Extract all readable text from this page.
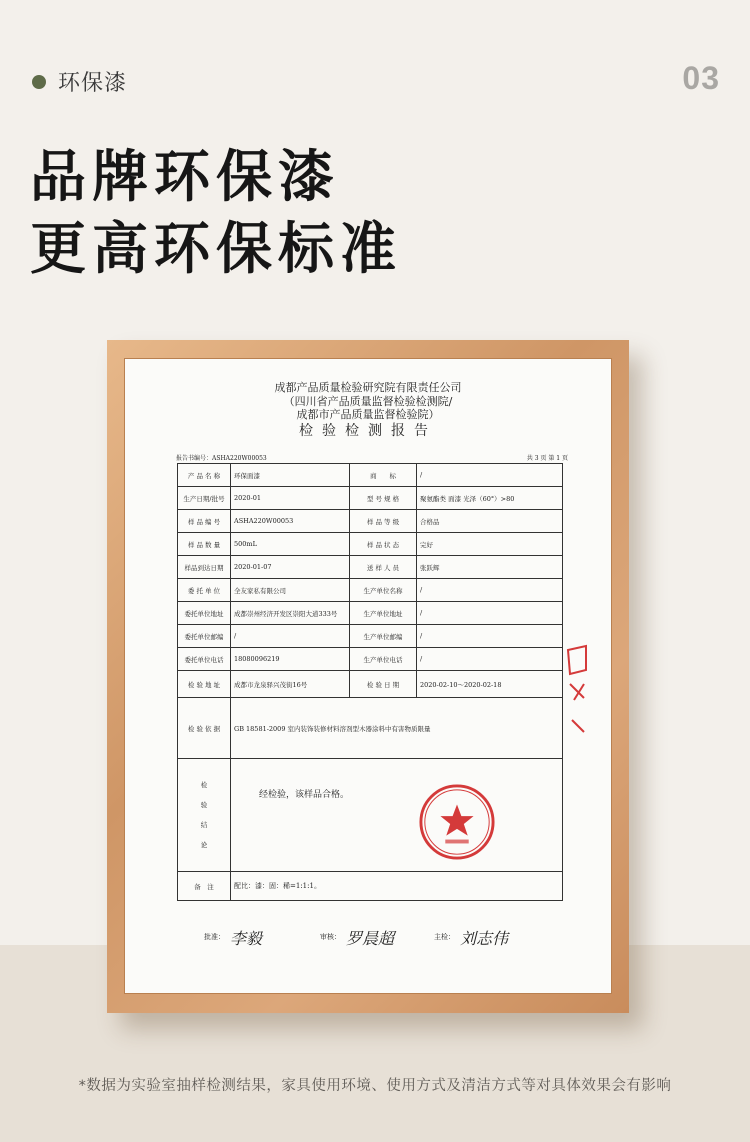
环保漆	03
品牌环保漆
更高环保标准
成都产品质量检验研究院有限责任公司
（四川省产品质量监督检验检测院/
成都市产品质量监督检验院）
检验检测报告
报告书编号：ASHA220W00053	共 3 页 第 1 页
产 品 名 称	环保面漆	商　　标	/
生产日期/批号	2020-01	型 号 规 格	聚氨酯类 面漆 光泽（60°）>80
样 品 编 号	ASHA220W00053	样 品 等 级	合格品
样 品 数 量	500mL	样 品 状 态	完好
样品到达日期	2020-01-07	送 样 人 员	张跃辉
委 托 单 位	全友家私有限公司	生产单位名称	/
委托单位地址	成都崇州经济开发区崇阳大道333号	生产单位地址	/
委托单位邮编	/	生产单位邮编	/
委托单位电话	18080096219	生产单位电话	/
检 验 地 址	成都市龙泉驿兴茂街16号	检 验 日 期	2020-02-10～2020-02-18
检 验 依 据	GB 18581-2009 室内装饰装修材料溶剂型木器涂料中有害物质限量		
检验结论	经检验，该样品合格。		
备　注	配比：漆：固：稀=1:1:1。		
批准： 李毅	审核： 罗晨超	主检： 刘志伟
*数据为实验室抽样检测结果，家具使用环境、使用方式及清洁方式等对具体效果会有影响
